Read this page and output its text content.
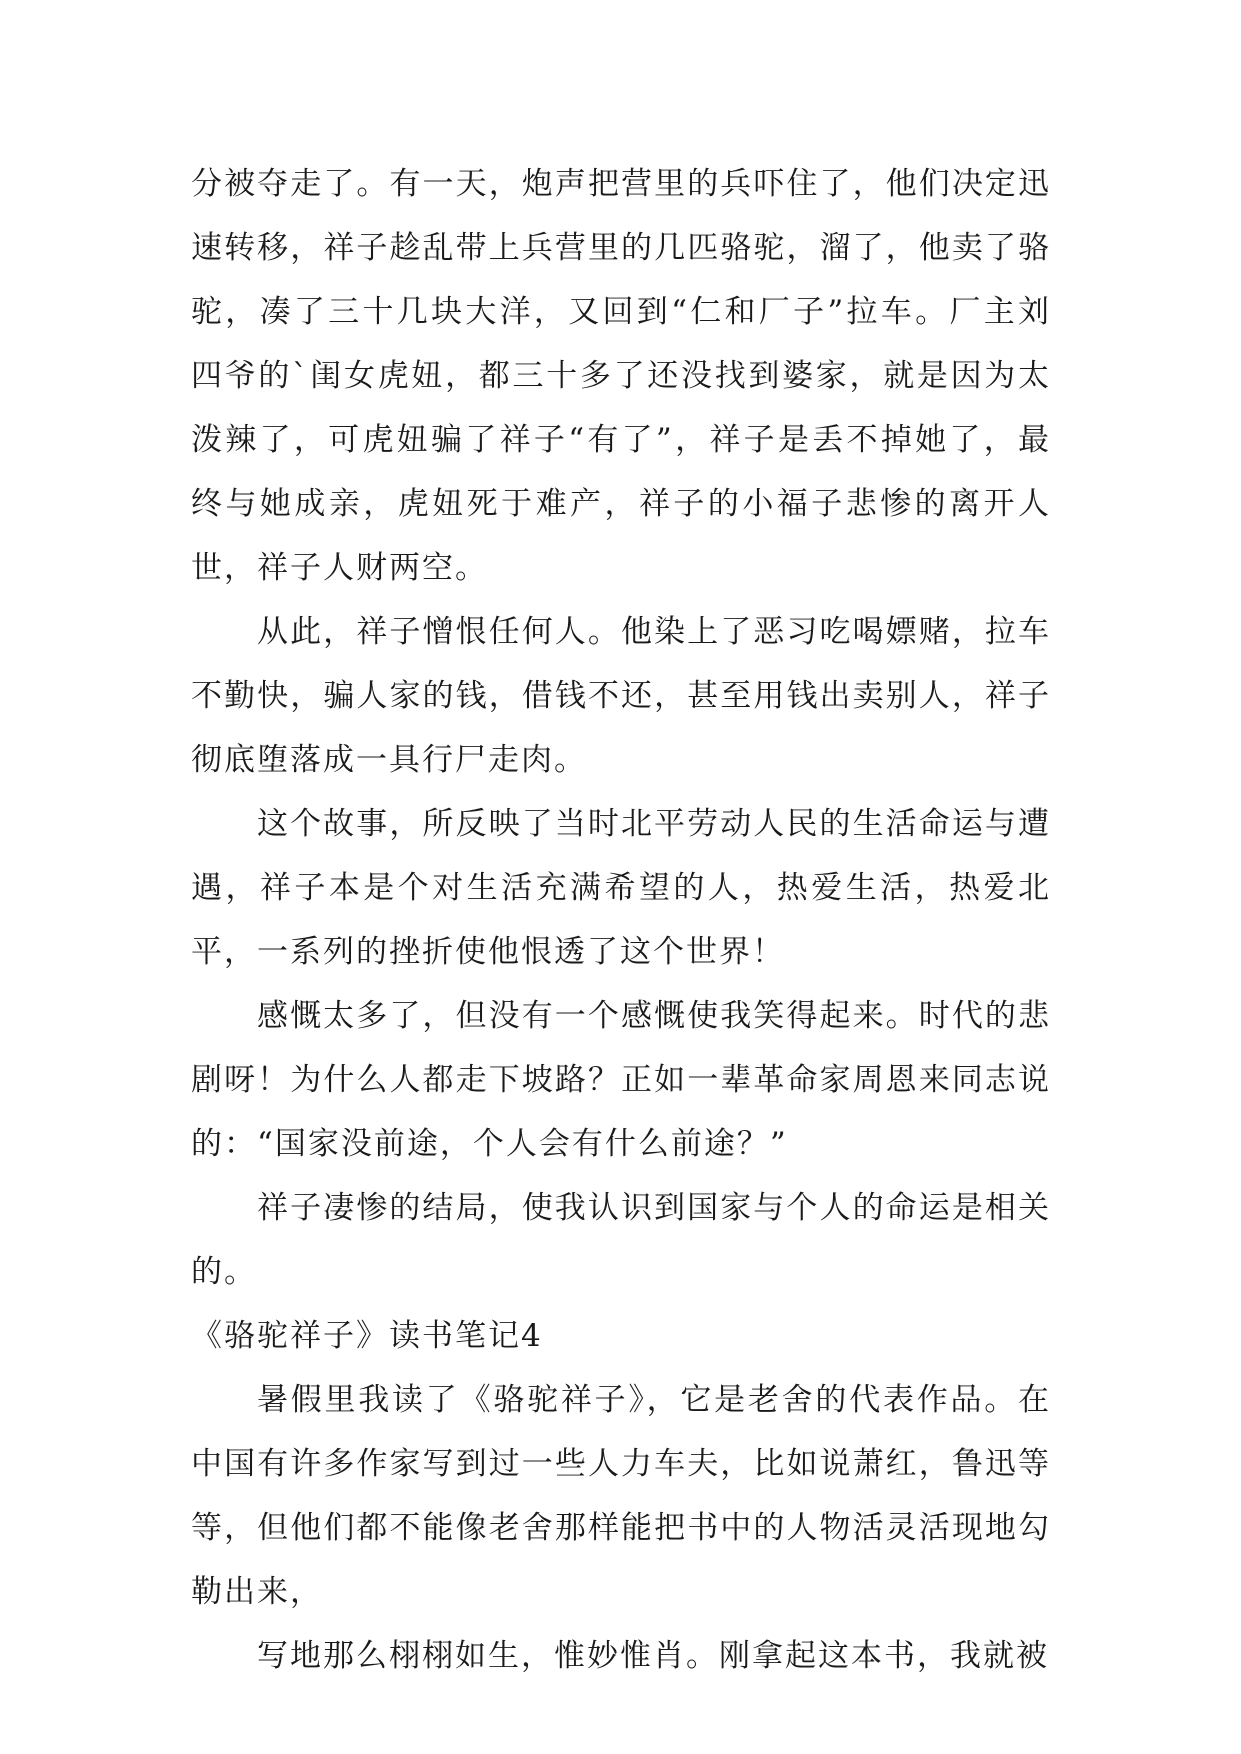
分被夺走了。有一天，炮声把营里的兵吓住了，他们决定迅速转移，祥子趁乱带上兵营里的几匹骆驼，溜了，他卖了骆驼，凑了三十几块大洋，又回到“仁和厂子”拉车。厂主刘四爷的`闺女虎妞，都三十多了还没找到婆家，就是因为太泼辣了，可虎妞骗了祥子“有了”，祥子是丢不掉她了，最终与她成亲，虎妞死于难产，祥子的小福子悲惨的离开人世，祥子人财两空。

从此，祥子憎恨任何人。他染上了恶习吃喝嫖赌，拉车不勤快，骗人家的钱，借钱不还，甚至用钱出卖别人，祥子彻底堕落成一具行尸走肉。

这个故事，所反映了当时北平劳动人民的生活命运与遭遇，祥子本是个对生活充满希望的人，热爱生活，热爱北平，一系列的挫折使他恨透了这个世界！

感慨太多了，但没有一个感慨使我笑得起来。时代的悲剧呀！为什么人都走下坡路？正如一辈革命家周恩来同志说的：“国家没前途，个人会有什么前途？”

祥子凄惨的结局，使我认识到国家与个人的命运是相关的。

《骆驼祥子》读书笔记4

暑假里我读了《骆驼祥子》，它是老舍的代表作品。在中国有许多作家写到过一些人力车夫，比如说萧红，鲁迅等等，但他们都不能像老舍那样能把书中的人物活灵活现地勾勒出来，

写地那么栩栩如生，惟妙惟肖。刚拿起这本书，我就被
